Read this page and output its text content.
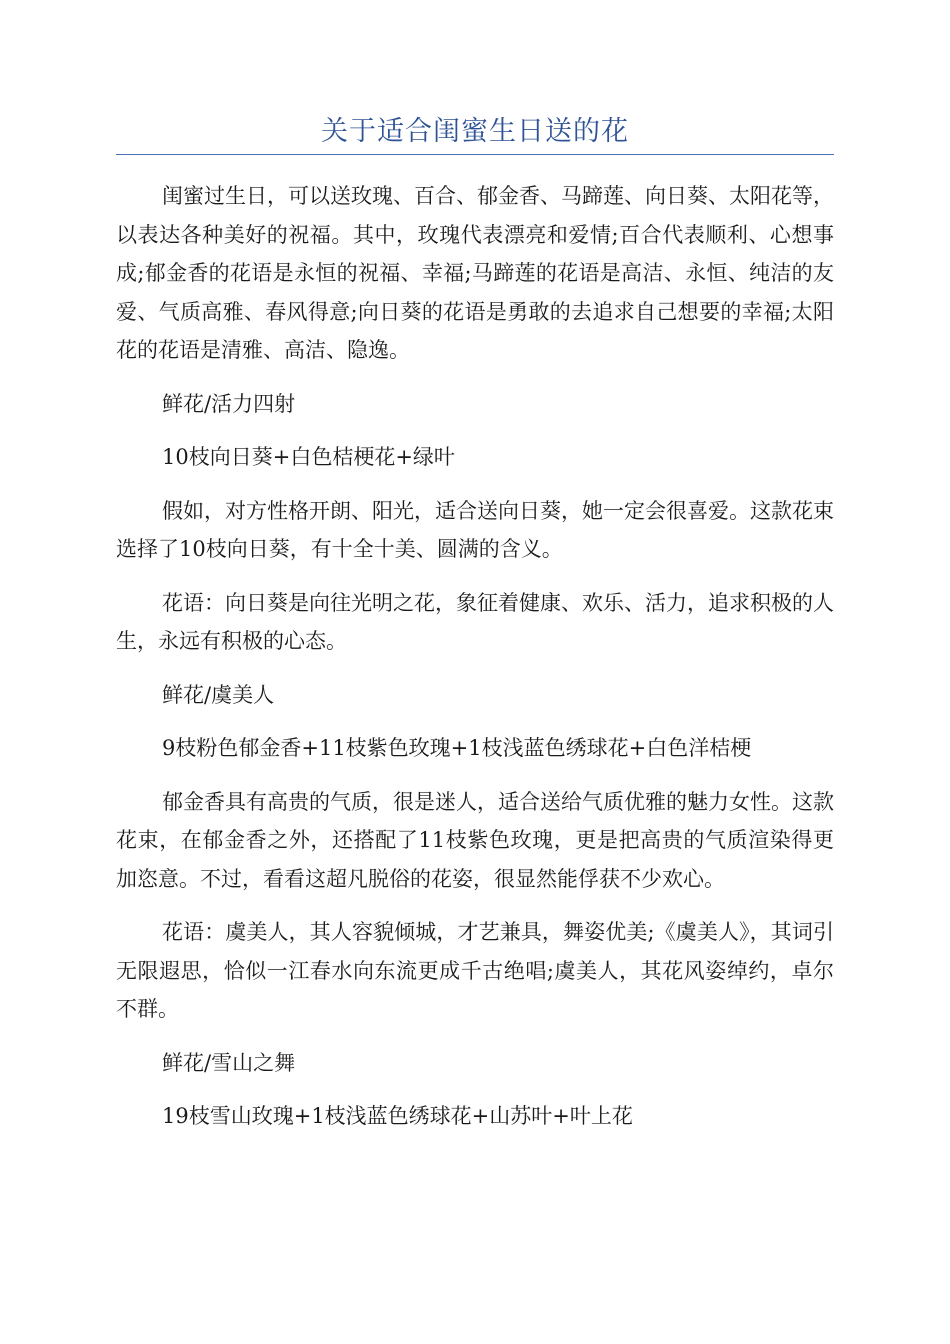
关于适合闺蜜生日送的花

闺蜜过生日，可以送玫瑰、百合、郁金香、马蹄莲、向日葵、太阳花等，以表达各种美好的祝福。其中，玫瑰代表漂亮和爱情;百合代表顺利、心想事成;郁金香的花语是永恒的祝福、幸福;马蹄莲的花语是高洁、永恒、纯洁的友爱、气质高雅、春风得意;向日葵的花语是勇敢的去追求自己想要的幸福;太阳花的花语是清雅、高洁、隐逸。

鲜花/活力四射

10枝向日葵+白色桔梗花+绿叶

假如，对方性格开朗、阳光，适合送向日葵，她一定会很喜爱。这款花束选择了10枝向日葵，有十全十美、圆满的含义。

花语：向日葵是向往光明之花，象征着健康、欢乐、活力，追求积极的人生，永远有积极的心态。

鲜花/虞美人

9枝粉色郁金香+11枝紫色玫瑰+1枝浅蓝色绣球花+白色洋桔梗

郁金香具有高贵的气质，很是迷人，适合送给气质优雅的魅力女性。这款花束，在郁金香之外，还搭配了11枝紫色玫瑰，更是把高贵的气质渲染得更加恣意。不过，看看这超凡脱俗的花姿，很显然能俘获不少欢心。

花语：虞美人，其人容貌倾城，才艺兼具，舞姿优美;《虞美人》，其词引无限遐思，恰似一江春水向东流更成千古绝唱;虞美人，其花风姿绰约，卓尔不群。

鲜花/雪山之舞

19枝雪山玫瑰+1枝浅蓝色绣球花+山苏叶+叶上花
